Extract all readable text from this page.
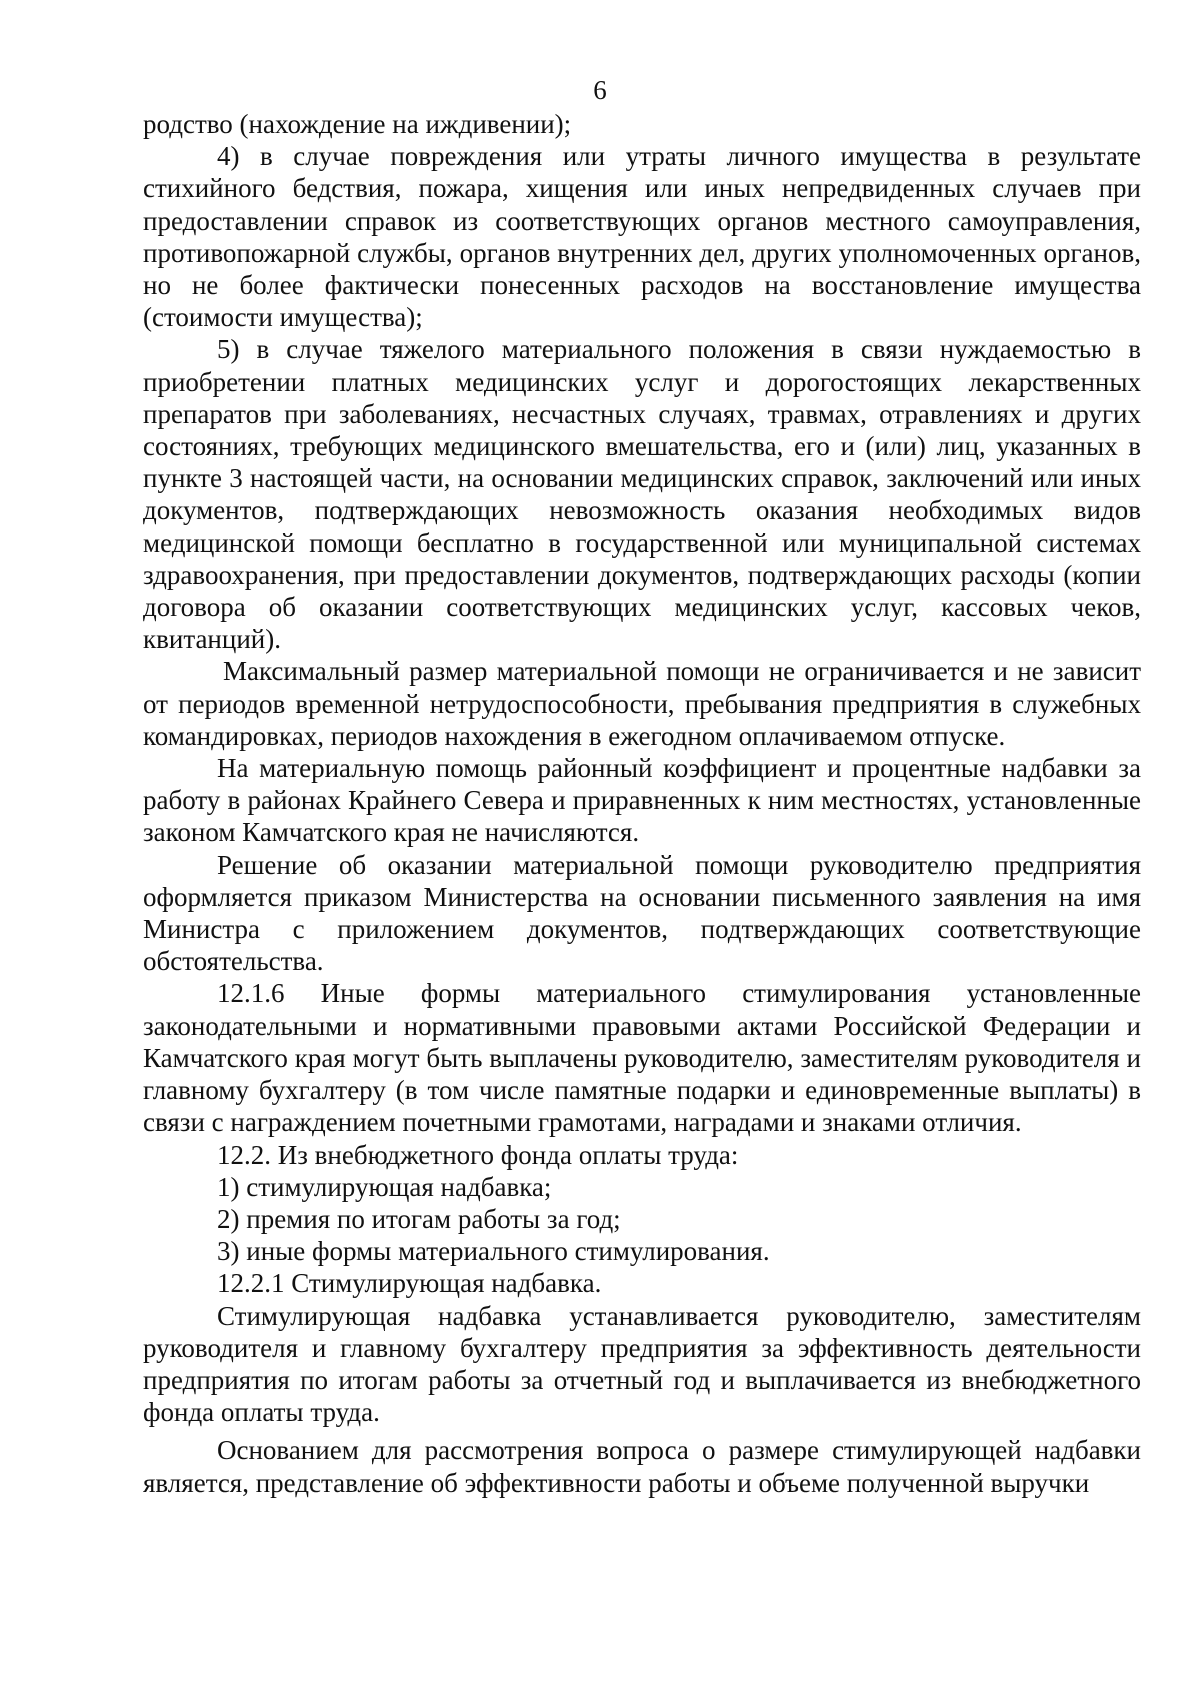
6

родство (нахождение на иждивении);

4) в случае повреждения или утраты личного имущества в результате стихийного бедствия, пожара, хищения или иных непредвиденных случаев при предоставлении справок из соответствующих органов местного самоуправления, противопожарной службы, органов внутренних дел, других уполномоченных органов, но не более фактически понесенных расходов на восстановление имущества (стоимости имущества);

5) в случае тяжелого материального положения в связи нуждаемостью в приобретении платных медицинских услуг и дорогостоящих лекарственных препаратов при заболеваниях, несчастных случаях, травмах, отравлениях и других состояниях, требующих медицинского вмешательства, его и (или) лиц, указанных в пункте 3 настоящей части, на основании медицинских справок, заключений или иных документов, подтверждающих невозможность оказания необходимых видов медицинской помощи бесплатно в государственной или муниципальной системах здравоохранения, при предоставлении документов, подтверждающих расходы (копии договора об оказании соответствующих медицинских услуг, кассовых чеков, квитанций).

Максимальный размер материальной помощи не ограничивается и не зависит от периодов временной нетрудоспособности, пребывания предприятия в служебных командировках, периодов нахождения в ежегодном оплачиваемом отпуске.

На материальную помощь районный коэффициент и процентные надбавки за работу в районах Крайнего Севера и приравненных к ним местностях, установленные законом Камчатского края не начисляются.

Решение об оказании материальной помощи руководителю предприятия оформляется приказом Министерства на основании письменного заявления на имя Министра с приложением документов, подтверждающих соответствующие обстоятельства.

12.1.6 Иные формы материального стимулирования установленные законодательными и нормативными правовыми актами Российской Федерации и Камчатского края могут быть выплачены руководителю, заместителям руководителя и главному бухгалтеру (в том числе памятные подарки и единовременные выплаты) в связи с награждением почетными грамотами, наградами и знаками отличия.

12.2. Из внебюджетного фонда оплаты труда:

1) стимулирующая надбавка;

2) премия по итогам работы за год;

3) иные формы материального стимулирования.

12.2.1 Стимулирующая надбавка.

Стимулирующая надбавка устанавливается руководителю, заместителям руководителя и главному бухгалтеру предприятия за эффективность деятельности предприятия по итогам работы за отчетный год и выплачивается из внебюджетного фонда оплаты труда.

Основанием для рассмотрения вопроса о размере стимулирующей надбавки является, представление об эффективности работы и объеме полученной выручки
